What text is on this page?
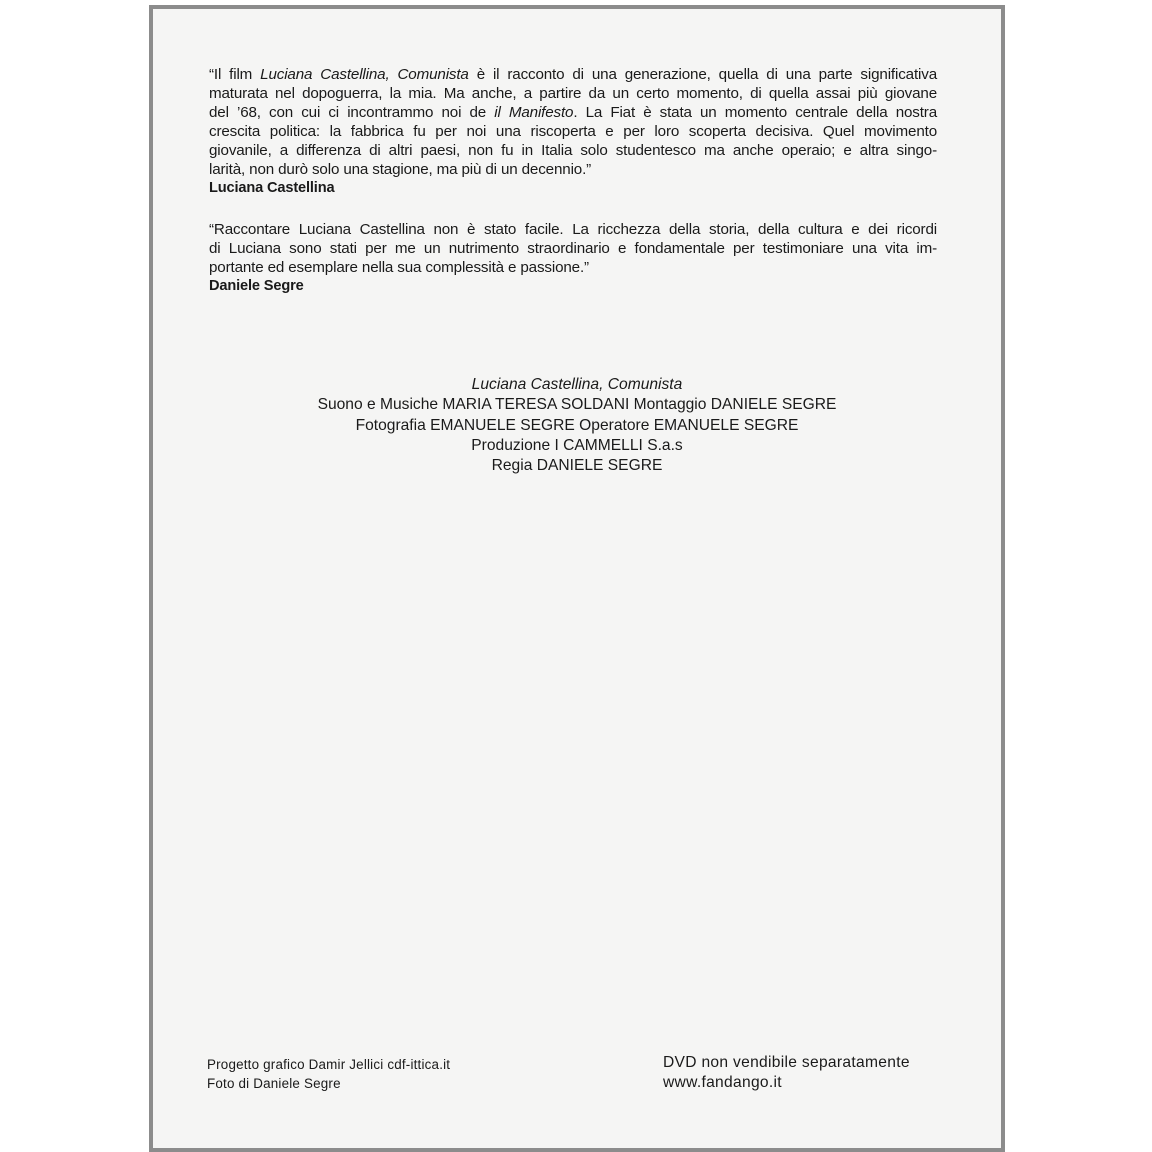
“Il film Luciana Castellina, Comunista è il racconto di una generazione, quella di una parte significativa
maturata nel dopoguerra, la mia. Ma anche, a partire da un certo momento, di quella assai più giovane
del ’68, con cui ci incontrammo noi de il Manifesto. La Fiat è stata un momento centrale della nostra
crescita politica: la fabbrica fu per noi una riscoperta e per loro scoperta decisiva. Quel movimento
giovanile, a differenza di altri paesi, non fu in Italia solo studentesco ma anche operaio; e altra singo-
larità, non durò solo una stagione, ma più di un decennio.”
Luciana Castellina
“Raccontare Luciana Castellina non è stato facile. La ricchezza della storia, della cultura e dei ricordi
di Luciana sono stati per me un nutrimento straordinario e fondamentale per testimoniare una vita im-
portante ed esemplare nella sua complessità e passione.”
Daniele Segre
Luciana Castellina, Comunista
Suono e Musiche MARIA TERESA SOLDANI Montaggio DANIELE SEGRE
Fotografia EMANUELE SEGRE Operatore EMANUELE SEGRE
Produzione I CAMMELLI S.a.s
Regia DANIELE SEGRE
Progetto grafico Damir Jellici cdf-ittica.it
Foto di Daniele Segre
DVD non vendibile separatamente
www.fandango.it
